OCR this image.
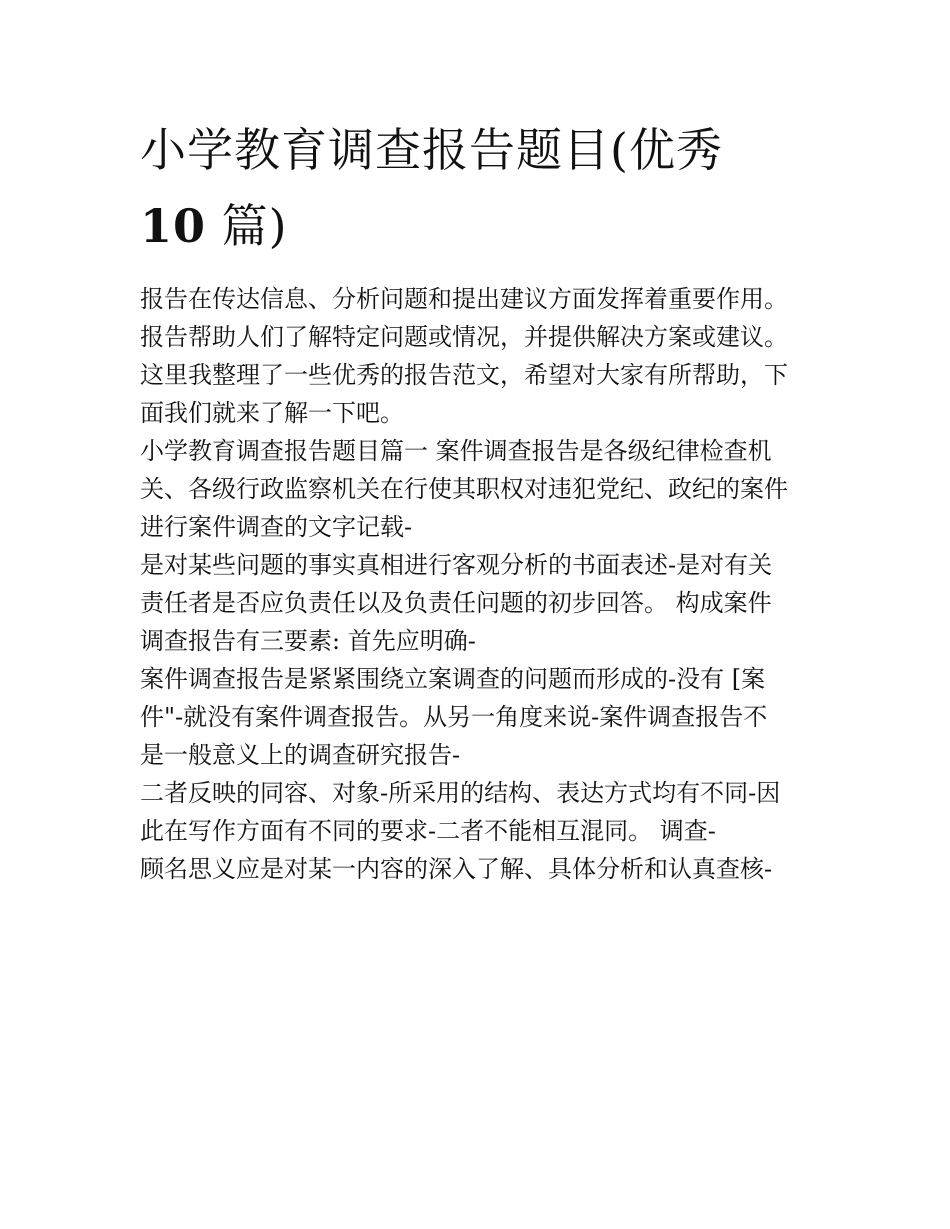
小学教育调查报告题目(优秀
10 篇)

报告在传达信息、分析问题和提出建议方面发挥着重要作用。
报告帮助人们了解特定问题或情况，并提供解决方案或建议。
这里我整理了一些优秀的报告范文，希望对大家有所帮助，下
面我们就来了解一下吧。

小学教育调查报告题目篇一 案件调查报告是各级纪律检查机
关、各级行政监察机关在行使其职权对违犯党纪、政纪的案件
进行案件调查的文字记载-

是对某些问题的事实真相进行客观分析的书面表述-是对有关
责任者是否应负责任以及负责任问题的初步回答。 构成案件
调查报告有三要素: 首先应明确-

案件调查报告是紧紧围绕立案调查的问题而形成的-没有 [案
件"-就没有案件调查报告。从另一角度来说-案件调查报告不
是一般意义上的调查研究报告-

二者反映的同容、对象-所采用的结构、表达方式均有不同-因
此在写作方面有不同的要求-二者不能相互混同。 调查-

顾名思义应是对某一内容的深入了解、具体分析和认真查核-
